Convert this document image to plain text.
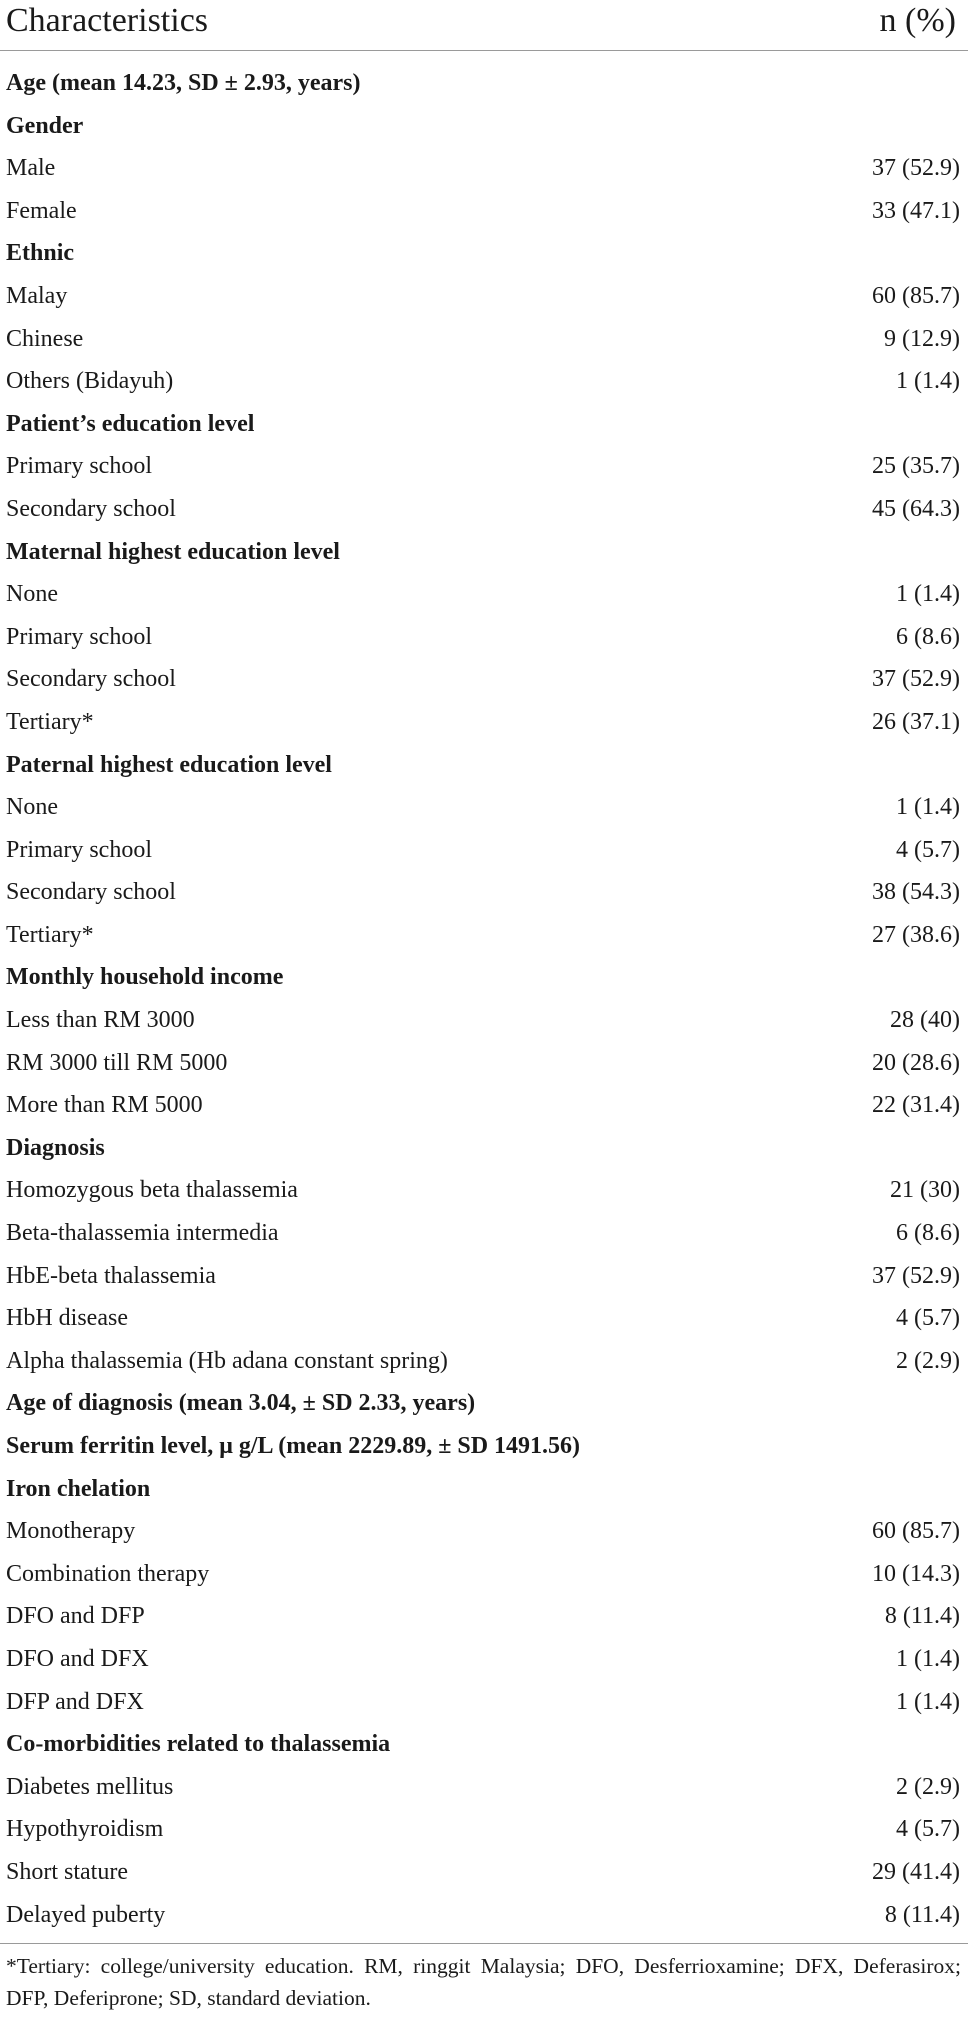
Characteristics	n (%)
Age (mean 14.23, SD ± 2.93, years)
Gender
Male	37 (52.9)
Female	33 (47.1)
Ethnic
Malay	60 (85.7)
Chinese	9 (12.9)
Others (Bidayuh)	1 (1.4)
Patient’s education level
Primary school	25 (35.7)
Secondary school	45 (64.3)
Maternal highest education level
None	1 (1.4)
Primary school	6 (8.6)
Secondary school	37 (52.9)
Tertiary*	26 (37.1)
Paternal highest education level
None	1 (1.4)
Primary school	4 (5.7)
Secondary school	38 (54.3)
Tertiary*	27 (38.6)
Monthly household income
Less than RM 3000	28 (40)
RM 3000 till RM 5000	20 (28.6)
More than RM 5000	22 (31.4)
Diagnosis
Homozygous beta thalassemia	21 (30)
Beta-thalassemia intermedia	6 (8.6)
HbE-beta thalassemia	37 (52.9)
HbH disease	4 (5.7)
Alpha thalassemia (Hb adana constant spring)	2 (2.9)
Age of diagnosis (mean 3.04, ± SD 2.33, years)
Serum ferritin level, μ g/L (mean 2229.89, ± SD 1491.56)
Iron chelation
Monotherapy	60 (85.7)
Combination therapy	10 (14.3)
DFO and DFP	8 (11.4)
DFO and DFX	1 (1.4)
DFP and DFX	1 (1.4)
Co-morbidities related to thalassemia
Diabetes mellitus	2 (2.9)
Hypothyroidism	4 (5.7)
Short stature	29 (41.4)
Delayed puberty	8 (11.4)
*Tertiary: college/university education. RM, ringgit Malaysia; DFO, Desferrioxamine; DFX, Deferasirox; DFP, Deferiprone; SD, standard deviation.
